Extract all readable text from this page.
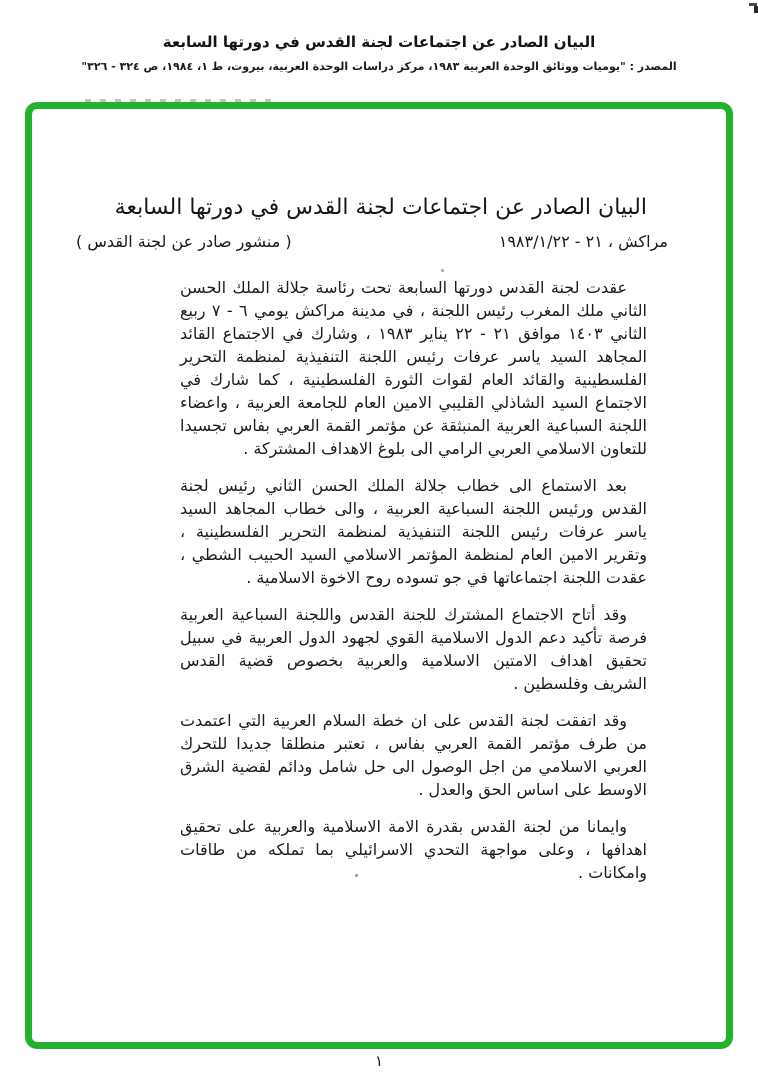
البيان الصادر عن اجتماعات لجنة القدس في دورتها السابعة
المصدر : "يوميات ووثائق الوحدة العربية ١٩٨٣، مركز دراسات الوحدة العربية، بيروت، ط ١، ١٩٨٤، ص ٣٢٤ - ٣٢٦"
البيان الصادر عن اجتماعات لجنة القدس في دورتها السابعة
مراكش ، ٢١ - ١٩٨٣/١/٢٢
( منشور صادر عن لجنة القدس )

عقدت لجنة القدس دورتها السابعة تحت رئاسة جلالة الملك الحسن الثاني ملك المغرب رئيس اللجنة ، في مدينة مراكش يومي ٦ - ٧ ربيع الثاني ١٤٠٣ موافق ٢١ - ٢٢ يناير ١٩٨٣ ، وشارك في الاجتماع القائد المجاهد السيد ياسر عرفات رئيس اللجنة التنفيذية لمنظمة التحرير الفلسطينية والقائد العام لقوات الثورة الفلسطينية ، كما شارك في الاجتماع السيد الشاذلي القليبي الامين العام للجامعة العربية ، واعضاء اللجنة السباعية العربية المنبثقة عن مؤتمر القمة العربي بفاس تجسيدا للتعاون الاسلامي العربي الرامي الى بلوغ الاهداف المشتركة .

بعد الاستماع الى خطاب جلالة الملك الحسن الثاني رئيس لجنة القدس ورئيس اللجنة السباعية العربية ، والى خطاب المجاهد السيد ياسر عرفات رئيس اللجنة التنفيذية لمنظمة التحرير الفلسطينية ، وتقرير الامين العام لمنظمة المؤتمر الاسلامي السيد الحبيب الشطي ، عقدت اللجنة اجتماعاتها في جو تسوده روح الاخوة الاسلامية .

وقد أتاح الاجتماع المشترك للجنة القدس واللجنة السباعية العربية فرصة تأكيد دعم الدول الاسلامية القوي لجهود الدول العربية في سبيل تحقيق اهداف الامتين الاسلامية والعربية بخصوص قضية القدس الشريف وفلسطين .

وقد اتفقت لجنة القدس على ان خطة السلام العربية التي اعتمدت من طرف مؤتمر القمة العربي بفاس ، تعتبر منطلقا جديدا للتحرك العربي الاسلامي من اجل الوصول الى حل شامل ودائم لقضية الشرق الاوسط على اساس الحق والعدل .

وايمانا من لجنة القدس بقدرة الامة الاسلامية والعربية على تحقيق اهدافها ، وعلى مواجهة التحدي الاسرائيلي بما تملكه من طاقات وامكانات .

١
